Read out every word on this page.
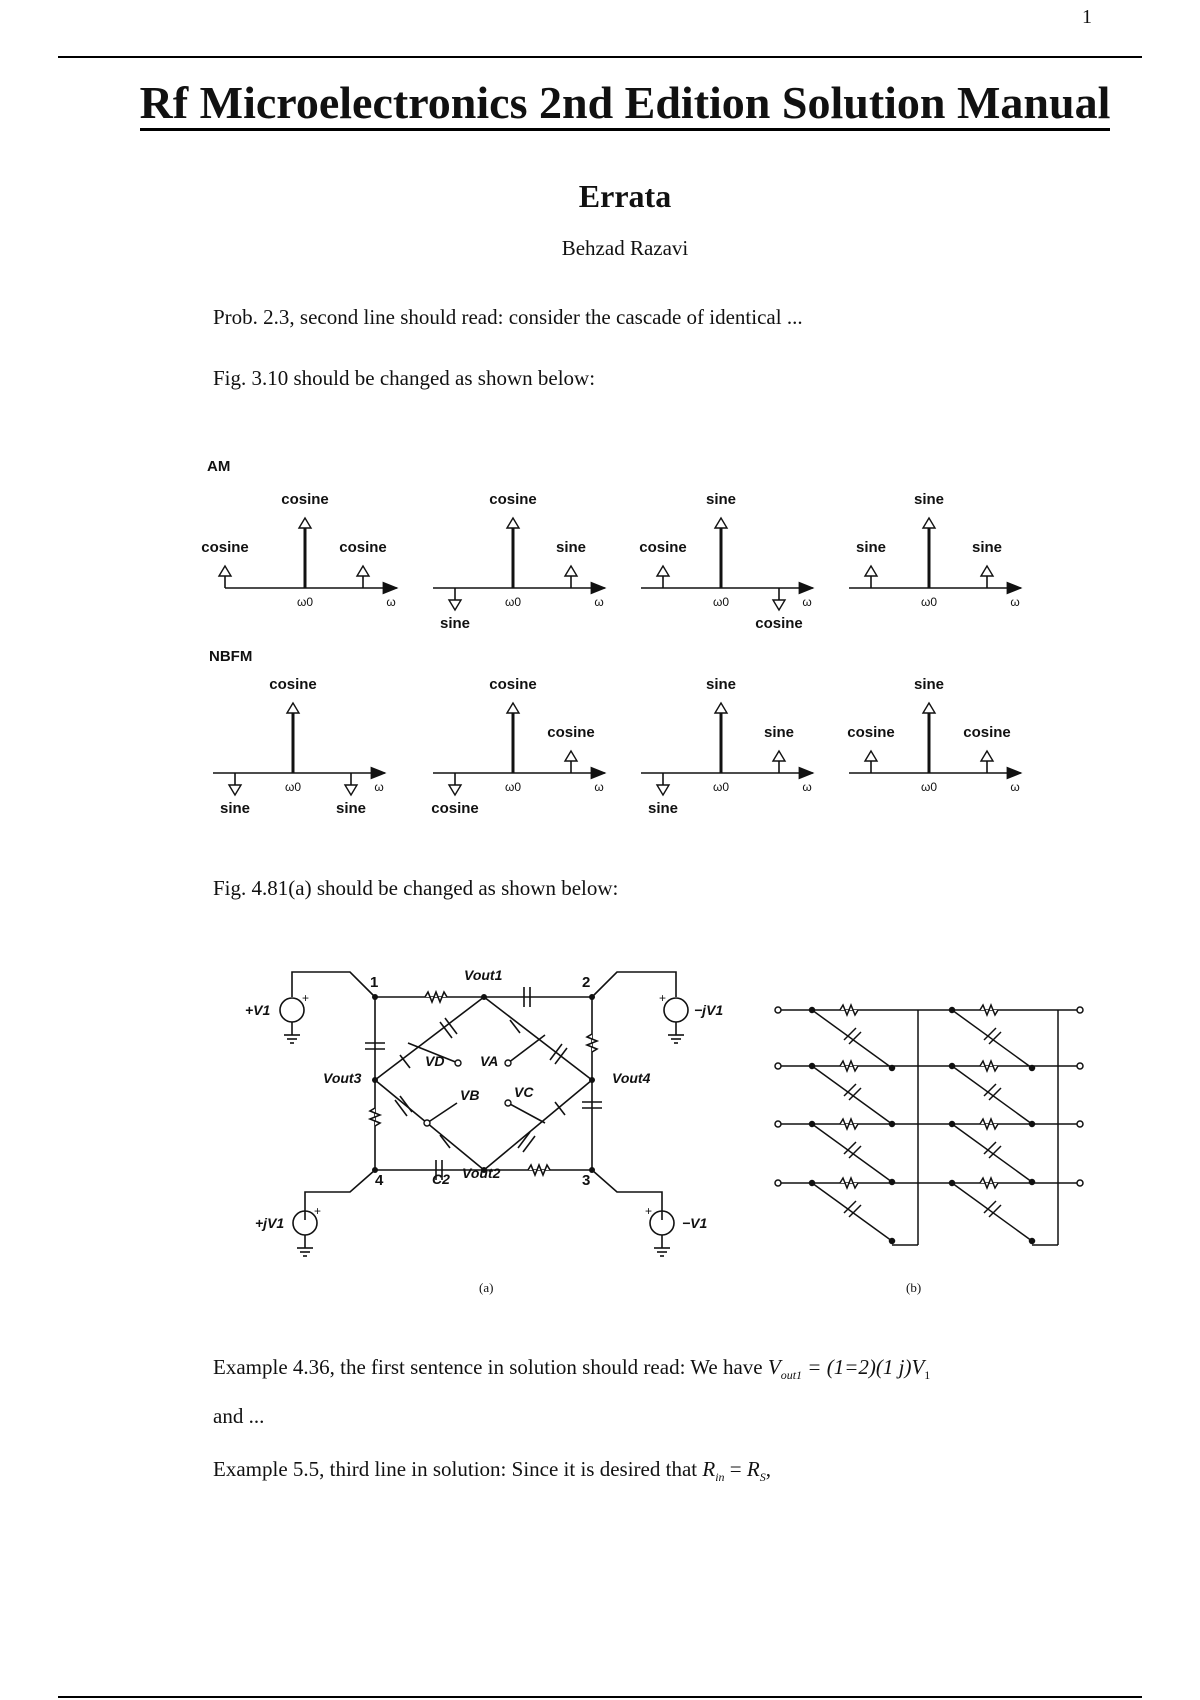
1
Rf Microelectronics 2nd Edition Solution Manual
Errata
Behzad Razavi
Prob. 2.3, second line should read: consider the cascade of identical ...
Fig. 3.10 should be changed as shown below:
AM
NBFM
ω0	ω
cosine
cosine
cosine
ω0	ω
sine
cosine
sine
ω0	ω
cosine
sine
cosine
ω0	ω
sine
sine
sine
ω0	ω
sine
cosine
sine
ω0	ω
cosine
cosine
cosine
ω0	ω
sine
sine
sine
ω0	ω
cosine
sine
cosine
Fig. 4.81(a) should be changed as shown below:
1	2
3
4
Vout1
Vout2
Vout3	Vout4
VA
VB VC
VD
C2
+V1	−jV1
+jV1	−V1
+	+
+	+
(a)	(b)
Example 4.36, the first sentence in solution should read: We have $V_{out1} = (1=2)(1$ $j)V_1$
and ...
Example 5.5, third line in solution: Since it is desired that $R_{in} = R_S$,
